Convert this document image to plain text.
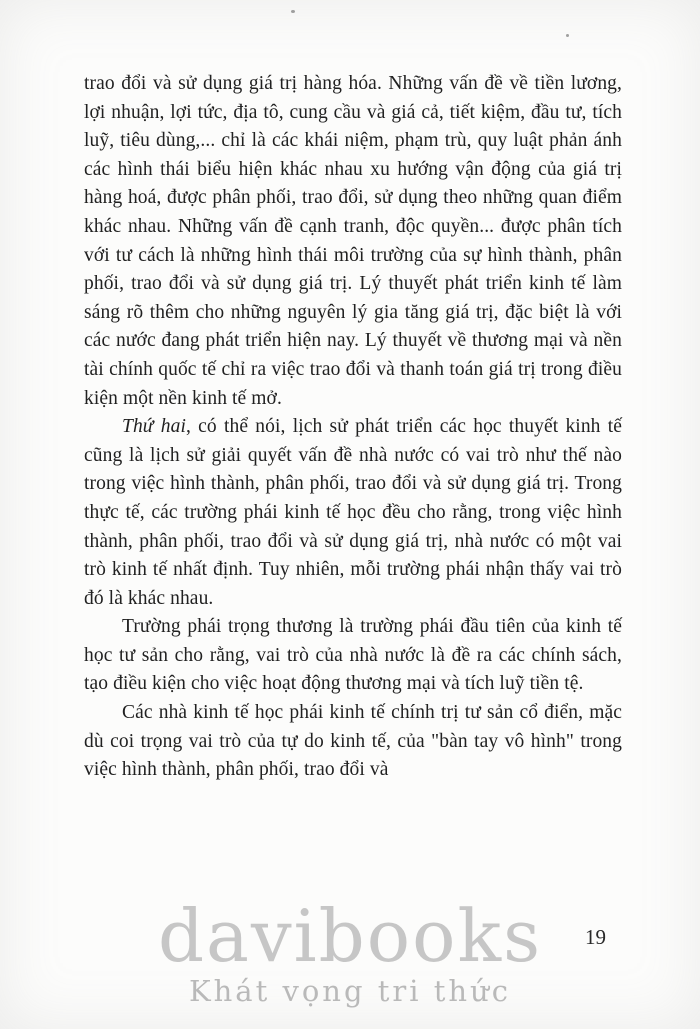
trao đổi và sử dụng giá trị hàng hóa. Những vấn đề về tiền lương, lợi nhuận, lợi tức, địa tô, cung cầu và giá cả, tiết kiệm, đầu tư, tích luỹ, tiêu dùng,... chỉ là các khái niệm, phạm trù, quy luật phản ánh các hình thái biểu hiện khác nhau xu hướng vận động của giá trị hàng hoá, được phân phối, trao đổi, sử dụng theo những quan điểm khác nhau. Những vấn đề cạnh tranh, độc quyền... được phân tích với tư cách là những hình thái môi trường của sự hình thành, phân phối, trao đổi và sử dụng giá trị. Lý thuyết phát triển kinh tế làm sáng rõ thêm cho những nguyên lý gia tăng giá trị, đặc biệt là với các nước đang phát triển hiện nay. Lý thuyết về thương mại và nền tài chính quốc tế chỉ ra việc trao đổi và thanh toán giá trị trong điều kiện một nền kinh tế mở.

Thứ hai, có thể nói, lịch sử phát triển các học thuyết kinh tế cũng là lịch sử giải quyết vấn đề nhà nước có vai trò như thế nào trong việc hình thành, phân phối, trao đổi và sử dụng giá trị. Trong thực tế, các trường phái kinh tế học đều cho rằng, trong việc hình thành, phân phối, trao đổi và sử dụng giá trị, nhà nước có một vai trò kinh tế nhất định. Tuy nhiên, mỗi trường phái nhận thấy vai trò đó là khác nhau.

Trường phái trọng thương là trường phái đầu tiên của kinh tế học tư sản cho rằng, vai trò của nhà nước là đề ra các chính sách, tạo điều kiện cho việc hoạt động thương mại và tích luỹ tiền tệ.

Các nhà kinh tế học phái kinh tế chính trị tư sản cổ điển, mặc dù coi trọng vai trò của tự do kinh tế, của "bàn tay vô hình" trong việc hình thành, phân phối, trao đổi và

19
davibooks
Khát vọng tri thức
